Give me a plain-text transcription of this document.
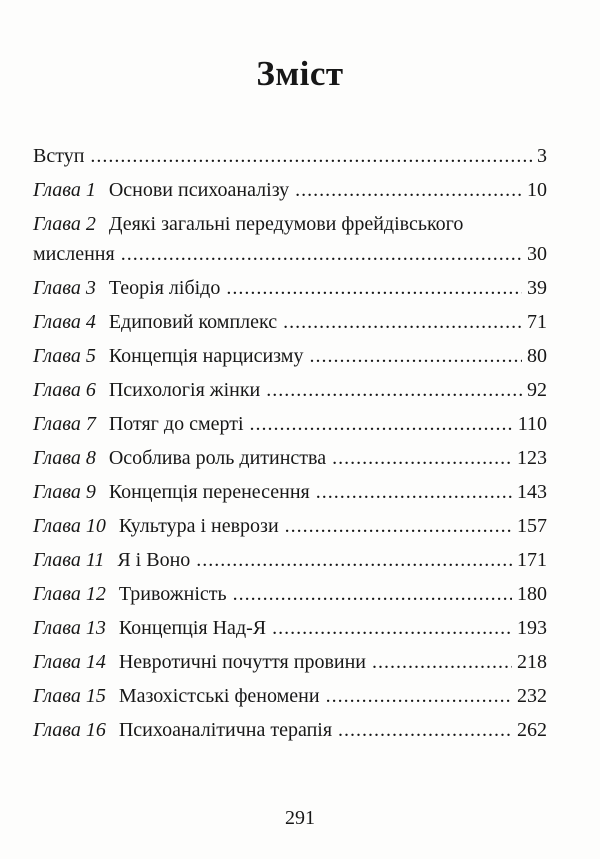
Зміст
Вступ .....	3
Глава 1 Основи психоаналізу .....	10
Глава 2 Деякі загальні передумови фрейдівського
мислення .....	30
Глава 3 Теорія лібідо .....	39
Глава 4 Едиповий комплекс .....	71
Глава 5 Концепція нарцисизму .....	80
Глава 6 Психологія жінки .....	92
Глава 7 Потяг до смерті .....	110
Глава 8 Особлива роль дитинства .....	123
Глава 9 Концепція перенесення .....	143
Глава 10 Культура і неврози .....	157
Глава 11 Я і Воно .....	171
Глава 12 Тривожність .....	180
Глава 13 Концепція Над-Я .....	193
Глава 14 Невротичні почуття провини .....	218
Глава 15 Мазохістські феномени .....	232
Глава 16 Психоаналітична терапія .....	262
291
